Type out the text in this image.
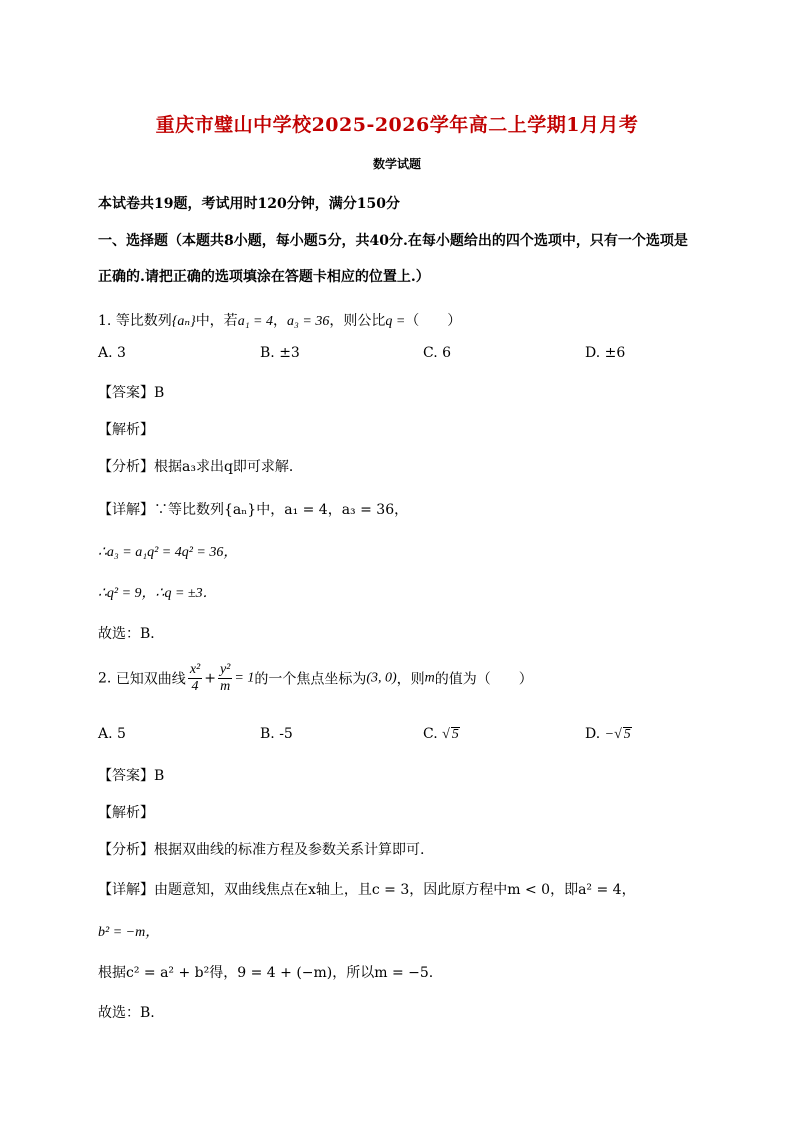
重庆市璧山中学校2025-2026学年高二上学期1月月考
数学试题
本试卷共19题，考试用时120分钟，满分150分
一、选择题（本题共8小题，每小题5分，共40分.在每小题给出的四个选项中，只有一个选项是
正确的.请把正确的选项填涂在答题卡相应的位置上.）
1. 等比数列{aₙ}中，若a₁ = 4，a₃ = 36，则公比q =（　　）
A. 3	B. ±3	C. 6	D. ±6
【答案】B
【解析】
【分析】根据a₃求出q即可求解．
【详解】∵等比数列{aₙ}中，a₁ = 4，a₃ = 36，
∴a₃ = a₁q² = 4q² = 36，
∴q² = 9，∴q = ±3．
故选：B．
2. 已知双曲线 $\frac{\text{x²}}{4} + \frac{\text{y²}}{m} = 1$的一个焦点坐标为(3, 0)，则m的值为（　　）
A. 5	B. -5	C. √ 5	D. −√ 5
【答案】B
【解析】
【分析】根据双曲线的标准方程及参数关系计算即可.
【详解】由题意知，双曲线焦点在x轴上，且c = 3，因此原方程中m < 0，即a² = 4，
b² = −m，
根据c² = a² + b²得，9 = 4 + (−m)，所以m = −5.
故选：B.
